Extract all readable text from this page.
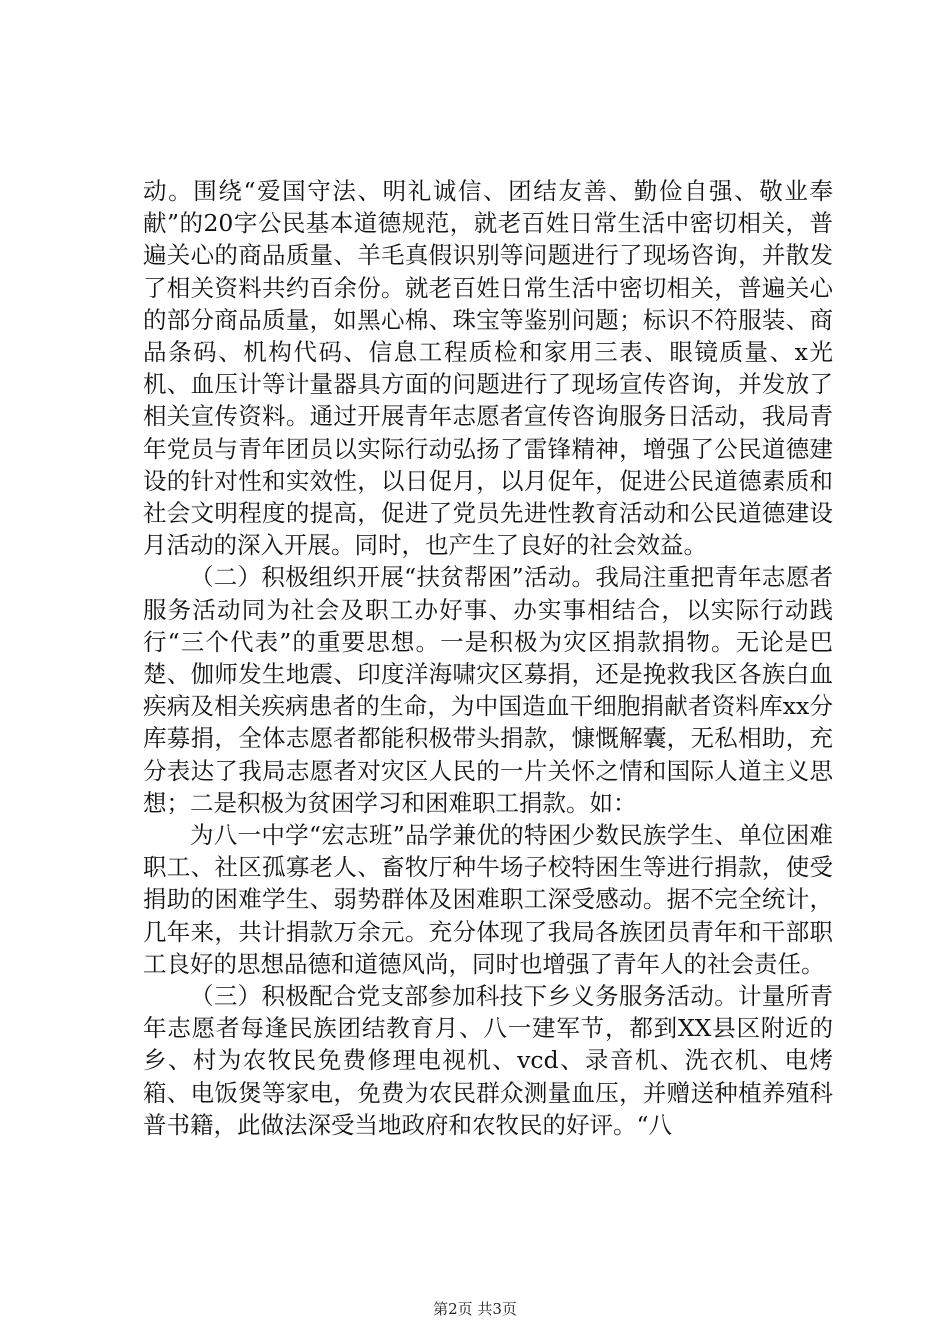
动。围绕“爱国守法、明礼诚信、团结友善、勤俭自强、敬业奉献”的20字公民基本道德规范，就老百姓日常生活中密切相关，普遍关心的商品质量、羊毛真假识别等问题进行了现场咨询，并散发了相关资料共约百余份。就老百姓日常生活中密切相关，普遍关心的部分商品质量，如黑心棉、珠宝等鉴别问题；标识不符服装、商品条码、机构代码、信息工程质检和家用三表、眼镜质量、x光机、血压计等计量器具方面的问题进行了现场宣传咨询，并发放了相关宣传资料。通过开展青年志愿者宣传咨询服务日活动，我局青年党员与青年团员以实际行动弘扬了雷锋精神，增强了公民道德建设的针对性和实效性，以日促月，以月促年，促进公民道德素质和社会文明程度的提高，促进了党员先进性教育活动和公民道德建设月活动的深入开展。同时，也产生了良好的社会效益。

（二）积极组织开展“扶贫帮困”活动。我局注重把青年志愿者服务活动同为社会及职工办好事、办实事相结合，以实际行动践行“三个代表”的重要思想。一是积极为灾区捐款捐物。无论是巴楚、伽师发生地震、印度洋海啸灾区募捐，还是挽救我区各族白血疾病及相关疾病患者的生命，为中国造血干细胞捐献者资料库xx分库募捐，全体志愿者都能积极带头捐款，慷慨解囊，无私相助，充分表达了我局志愿者对灾区人民的一片关怀之情和国际人道主义思想；二是积极为贫困学习和困难职工捐款。如：

为八一中学“宏志班”品学兼优的特困少数民族学生、单位困难职工、社区孤寡老人、畜牧厅种牛场子校特困生等进行捐款，使受捐助的困难学生、弱势群体及困难职工深受感动。据不完全统计，几年来，共计捐款万余元。充分体现了我局各族团员青年和干部职工良好的思想品德和道德风尚，同时也增强了青年人的社会责任。

（三）积极配合党支部参加科技下乡义务服务活动。计量所青年志愿者每逢民族团结教育月、八一建军节，都到XX县区附近的乡、村为农牧民免费修理电视机、vcd、录音机、洗衣机、电烤箱、电饭煲等家电，免费为农民群众测量血压，并赠送种植养殖科普书籍，此做法深受当地政府和农牧民的好评。“八

第2页 共3页
